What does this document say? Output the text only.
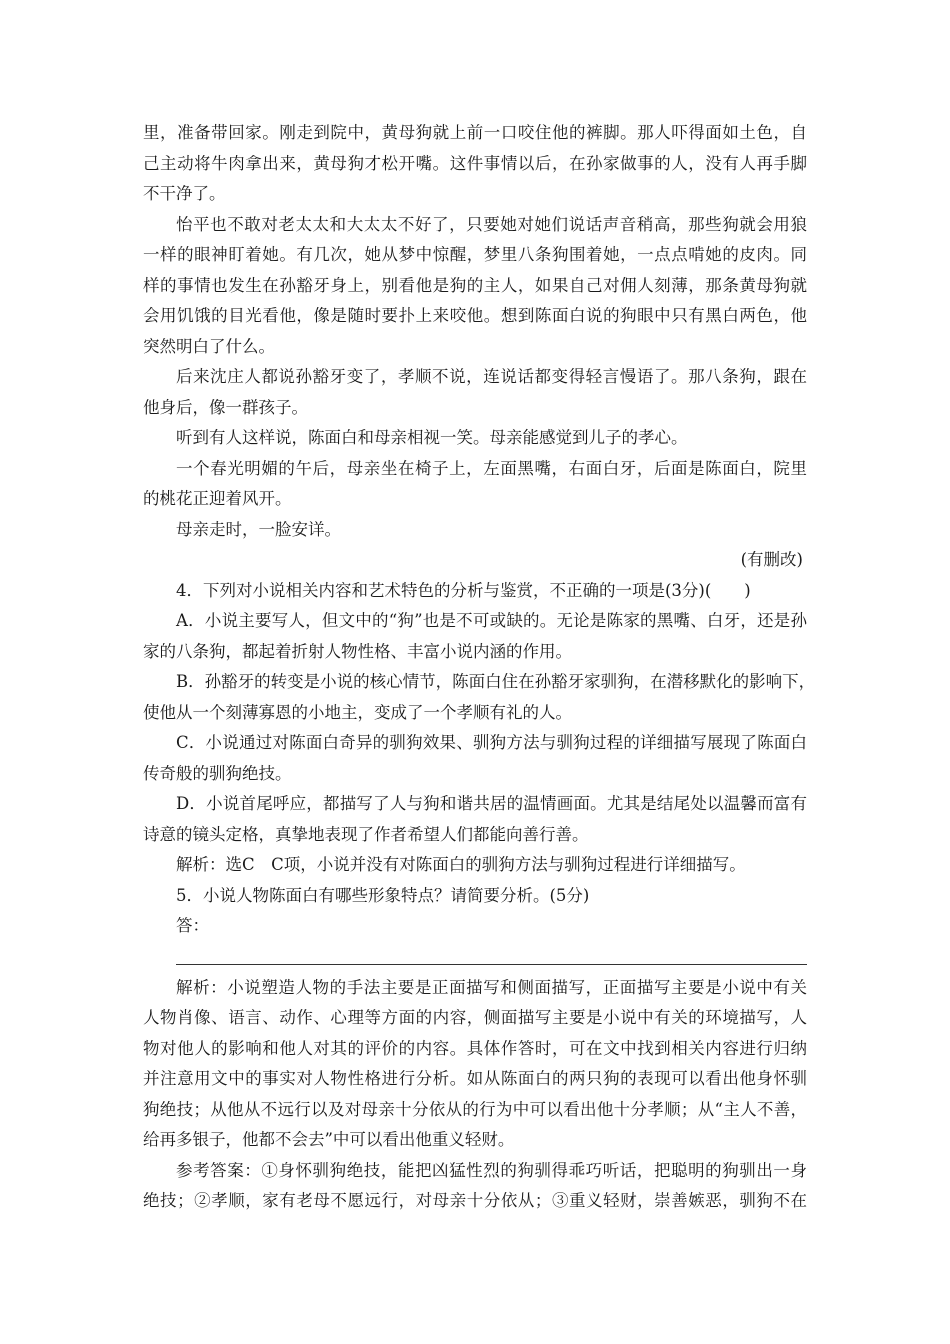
里，准备带回家。刚走到院中，黄母狗就上前一口咬住他的裤脚。那人吓得面如土色，自
己主动将牛肉拿出来，黄母狗才松开嘴。这件事情以后，在孙家做事的人，没有人再手脚
不干净了。
怡平也不敢对老太太和大太太不好了，只要她对她们说话声音稍高，那些狗就会用狼
一样的眼神盯着她。有几次，她从梦中惊醒，梦里八条狗围着她，一点点啃她的皮肉。同
样的事情也发生在孙豁牙身上，别看他是狗的主人，如果自己对佣人刻薄，那条黄母狗就
会用饥饿的目光看他，像是随时要扑上来咬他。想到陈面白说的狗眼中只有黑白两色，他
突然明白了什么。
后来沈庄人都说孙豁牙变了，孝顺不说，连说话都变得轻言慢语了。那八条狗，跟在
他身后，像一群孩子。
听到有人这样说，陈面白和母亲相视一笑。母亲能感觉到儿子的孝心。
一个春光明媚的午后，母亲坐在椅子上，左面黑嘴，右面白牙，后面是陈面白，院里
的桃花正迎着风开。
母亲走时，一脸安详。
(有删改)
4．下列对小说相关内容和艺术特色的分析与鉴赏，不正确的一项是(3分)(　　)
A．小说主要写人，但文中的“狗”也是不可或缺的。无论是陈家的黑嘴、白牙，还是孙
家的八条狗，都起着折射人物性格、丰富小说内涵的作用。
B．孙豁牙的转变是小说的核心情节，陈面白住在孙豁牙家驯狗，在潜移默化的影响下，
使他从一个刻薄寡恩的小地主，变成了一个孝顺有礼的人。
C．小说通过对陈面白奇异的驯狗效果、驯狗方法与驯狗过程的详细描写展现了陈面白
传奇般的驯狗绝技。
D．小说首尾呼应，都描写了人与狗和谐共居的温情画面。尤其是结尾处以温馨而富有
诗意的镜头定格，真挚地表现了作者希望人们都能向善行善。
解析：选C　C项，小说并没有对陈面白的驯狗方法与驯狗过程进行详细描写。
5．小说人物陈面白有哪些形象特点？请简要分析。(5分)
答：
解析：小说塑造人物的手法主要是正面描写和侧面描写，正面描写主要是小说中有关
人物肖像、语言、动作、心理等方面的内容，侧面描写主要是小说中有关的环境描写，人
物对他人的影响和他人对其的评价的内容。具体作答时，可在文中找到相关内容进行归纳
并注意用文中的事实对人物性格进行分析。如从陈面白的两只狗的表现可以看出他身怀驯
狗绝技；从他从不远行以及对母亲十分依从的行为中可以看出他十分孝顺；从“主人不善，
给再多银子，他都不会去”中可以看出他重义轻财。
参考答案：①身怀驯狗绝技，能把凶猛性烈的狗驯得乖巧听话，把聪明的狗驯出一身
绝技；②孝顺，家有老母不愿远行，对母亲十分依从；③重义轻财，崇善嫉恶，驯狗不在
